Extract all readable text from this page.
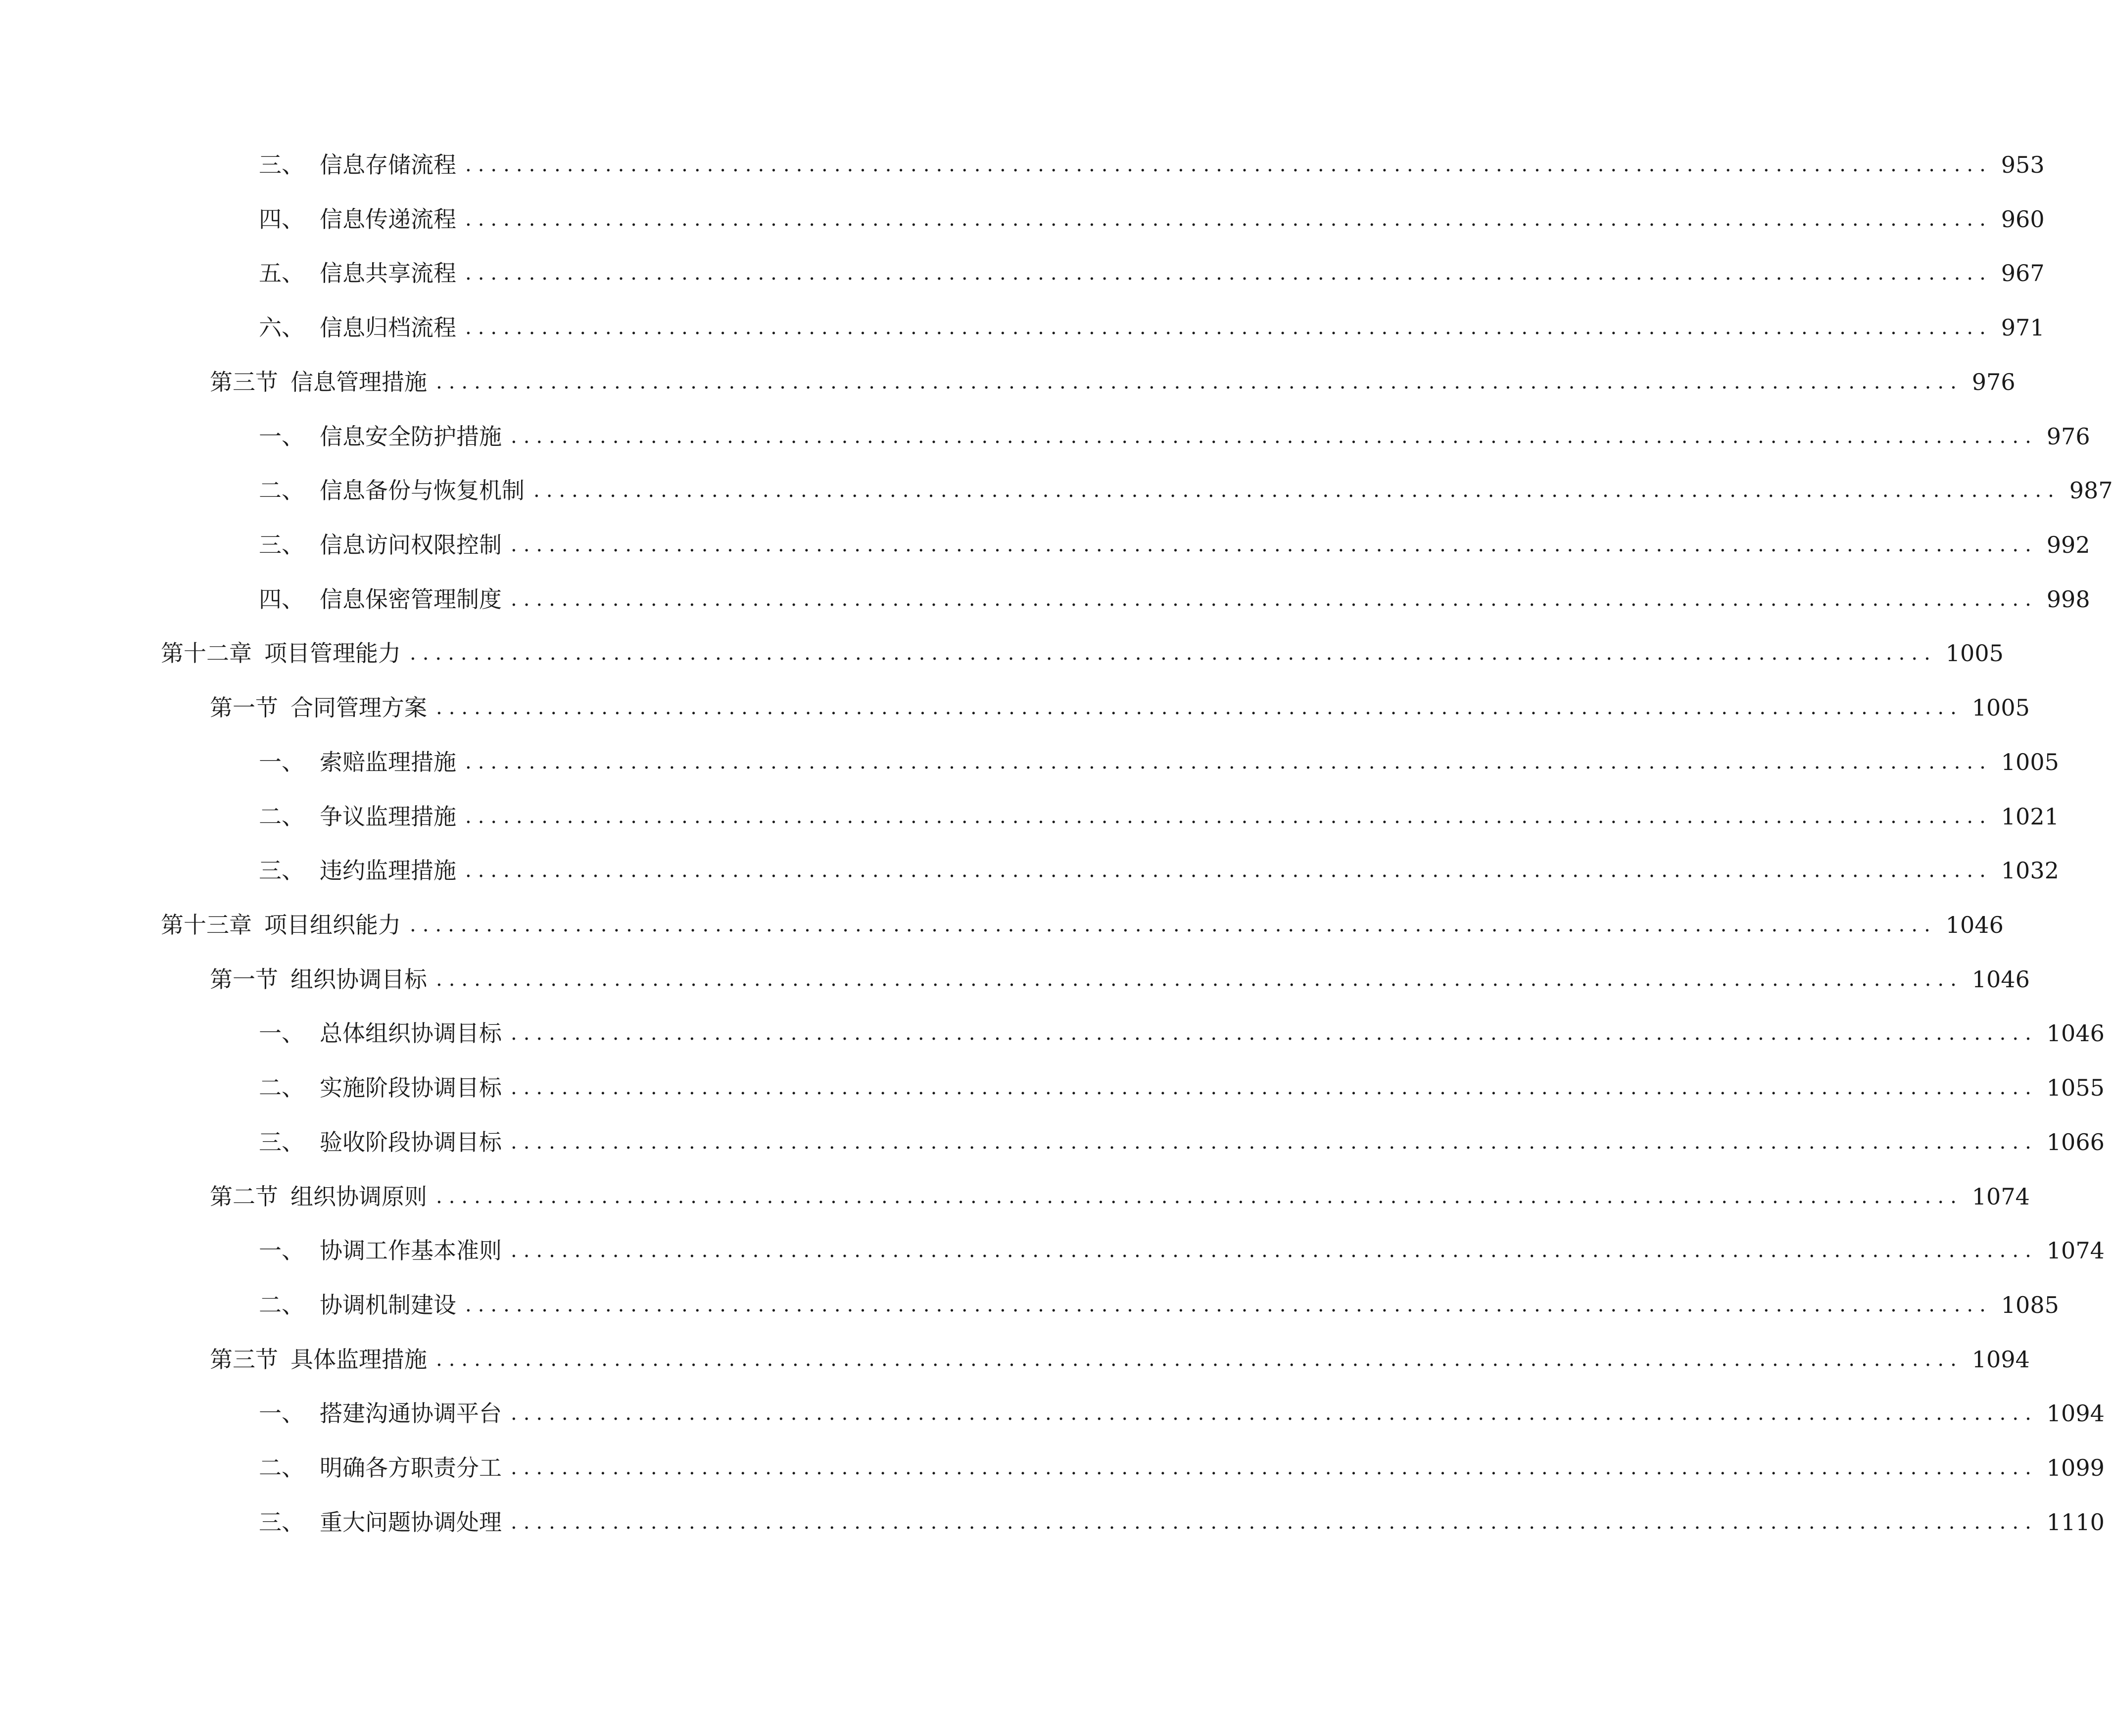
三、 信息存储流程 ........................................................................................................................ 953
四、 信息传递流程 ........................................................................................................................ 960
五、 信息共享流程 ........................................................................................................................ 967
六、 信息归档流程 ........................................................................................................................ 971
第三节 信息管理措施 ........................................................................................................................ 976
一、 信息安全防护措施 ........................................................................................................................ 976
二、 信息备份与恢复机制 ........................................................................................................................ 987
三、 信息访问权限控制 ........................................................................................................................ 992
四、 信息保密管理制度 ........................................................................................................................ 998
第十二章 项目管理能力 ........................................................................................................................ 1005
第一节 合同管理方案 ........................................................................................................................ 1005
一、 索赔监理措施 ........................................................................................................................ 1005
二、 争议监理措施 ........................................................................................................................ 1021
三、 违约监理措施 ........................................................................................................................ 1032
第十三章 项目组织能力 ........................................................................................................................ 1046
第一节 组织协调目标 ........................................................................................................................ 1046
一、 总体组织协调目标 ........................................................................................................................ 1046
二、 实施阶段协调目标 ........................................................................................................................ 1055
三、 验收阶段协调目标 ........................................................................................................................ 1066
第二节 组织协调原则 ........................................................................................................................ 1074
一、 协调工作基本准则 ........................................................................................................................ 1074
二、 协调机制建设 ........................................................................................................................ 1085
第三节 具体监理措施 ........................................................................................................................ 1094
一、 搭建沟通协调平台 ........................................................................................................................ 1094
二、 明确各方职责分工 ........................................................................................................................ 1099
三、 重大问题协调处理 ........................................................................................................................ 1110
